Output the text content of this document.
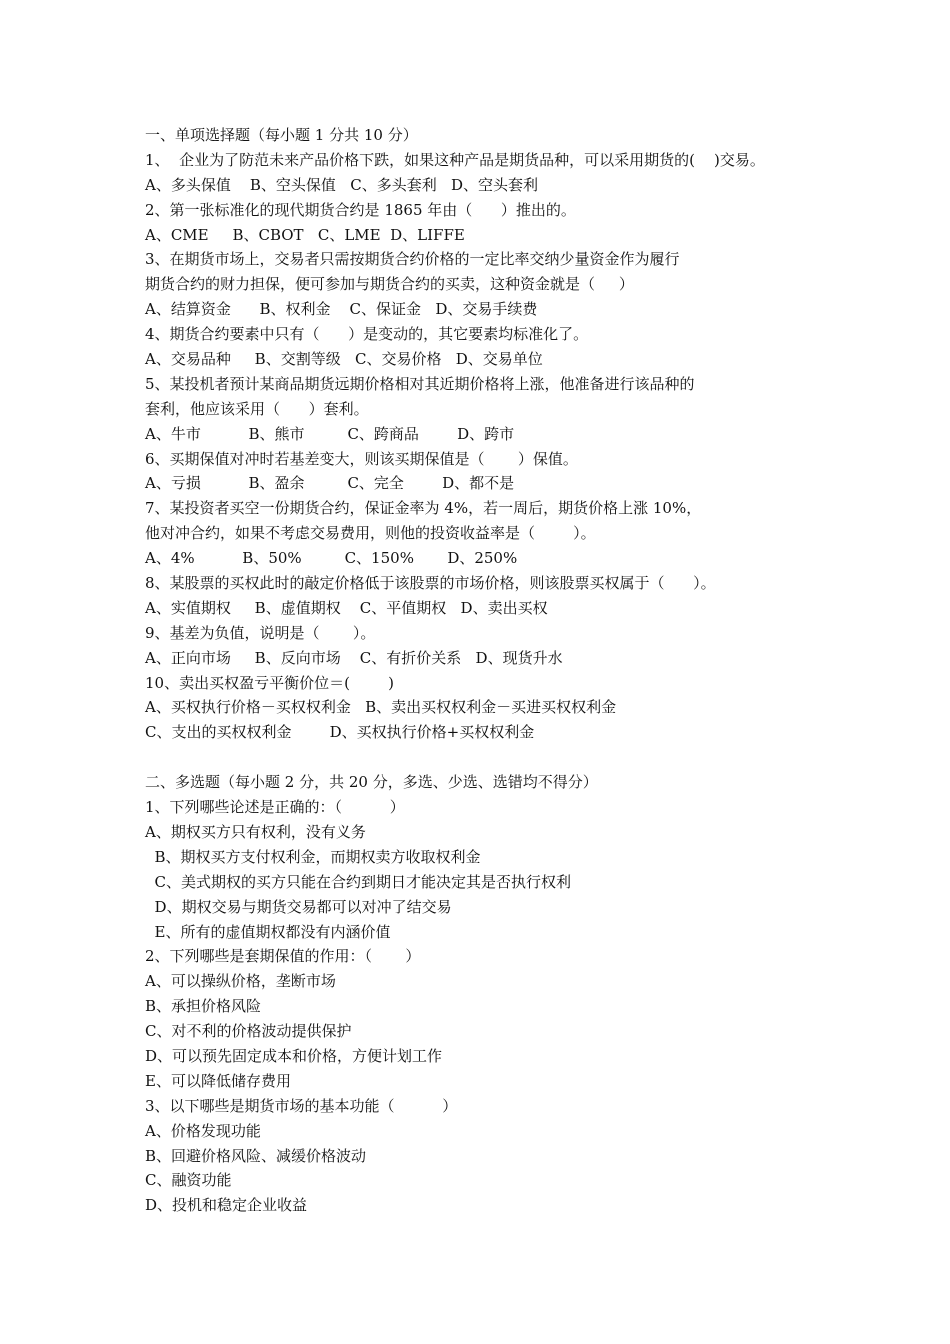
一、单项选择题（每小题 1 分共 10 分）
1、  企业为了防范未来产品价格下跌，如果这种产品是期货品种，可以采用期货的(    )交易。
A、多头保值    B、空头保值   C、多头套利   D、空头套利
2、第一张标准化的现代期货合约是 1865 年由（      ）推出的。
A、CME     B、CBOT   C、LME  D、LIFFE
3、在期货市场上，交易者只需按期货合约价格的一定比率交纳少量资金作为履行
期货合约的财力担保，便可参加与期货合约的买卖，这种资金就是（     ）
A、结算资金      B、权利金    C、保证金   D、交易手续费
4、期货合约要素中只有（      ）是变动的，其它要素均标准化了。
A、交易品种     B、交割等级   C、交易价格   D、交易单位
5、某投机者预计某商品期货远期价格相对其近期价格将上涨，他准备进行该品种的
套利，他应该采用（      ）套利。
A、牛市          B、熊市         C、跨商品        D、跨市
6、买期保值对冲时若基差变大，则该买期保值是（       ）保值。
A、亏损          B、盈余         C、完全        D、都不是
7、某投资者买空一份期货合约，保证金率为 4%，若一周后，期货价格上涨 10%，
他对冲合约，如果不考虑交易费用，则他的投资收益率是（        ）。
A、4%          B、50%         C、150%       D、250%
8、某股票的买权此时的敲定价格低于该股票的市场价格，则该股票买权属于（      ）。
A、实值期权     B、虚值期权    C、平值期权   D、卖出买权
9、基差为负值，说明是（       ）。
A、正向市场     B、反向市场    C、有折价关系   D、现货升水
10、卖出买权盈亏平衡价位＝(        )
A、买权执行价格－买权权利金   B、卖出买权权利金－买进买权权利金
C、支出的买权权利金        D、买权执行价格+买权权利金
二、多选题（每小题 2 分，共 20 分，多选、少选、选错均不得分）
1、下列哪些论述是正确的：（          ）
A、期权买方只有权利，没有义务
B、期权买方支付权利金，而期权卖方收取权利金
C、美式期权的买方只能在合约到期日才能决定其是否执行权利
D、期权交易与期货交易都可以对冲了结交易
E、所有的虚值期权都没有内涵价值
2、下列哪些是套期保值的作用：（       ）
A、可以操纵价格，垄断市场
B、承担价格风险
C、对不利的价格波动提供保护
D、可以预先固定成本和价格，方便计划工作
E、可以降低储存费用
3、以下哪些是期货市场的基本功能（          ）
A、价格发现功能
B、回避价格风险、减缓价格波动
C、融资功能
D、投机和稳定企业收益
